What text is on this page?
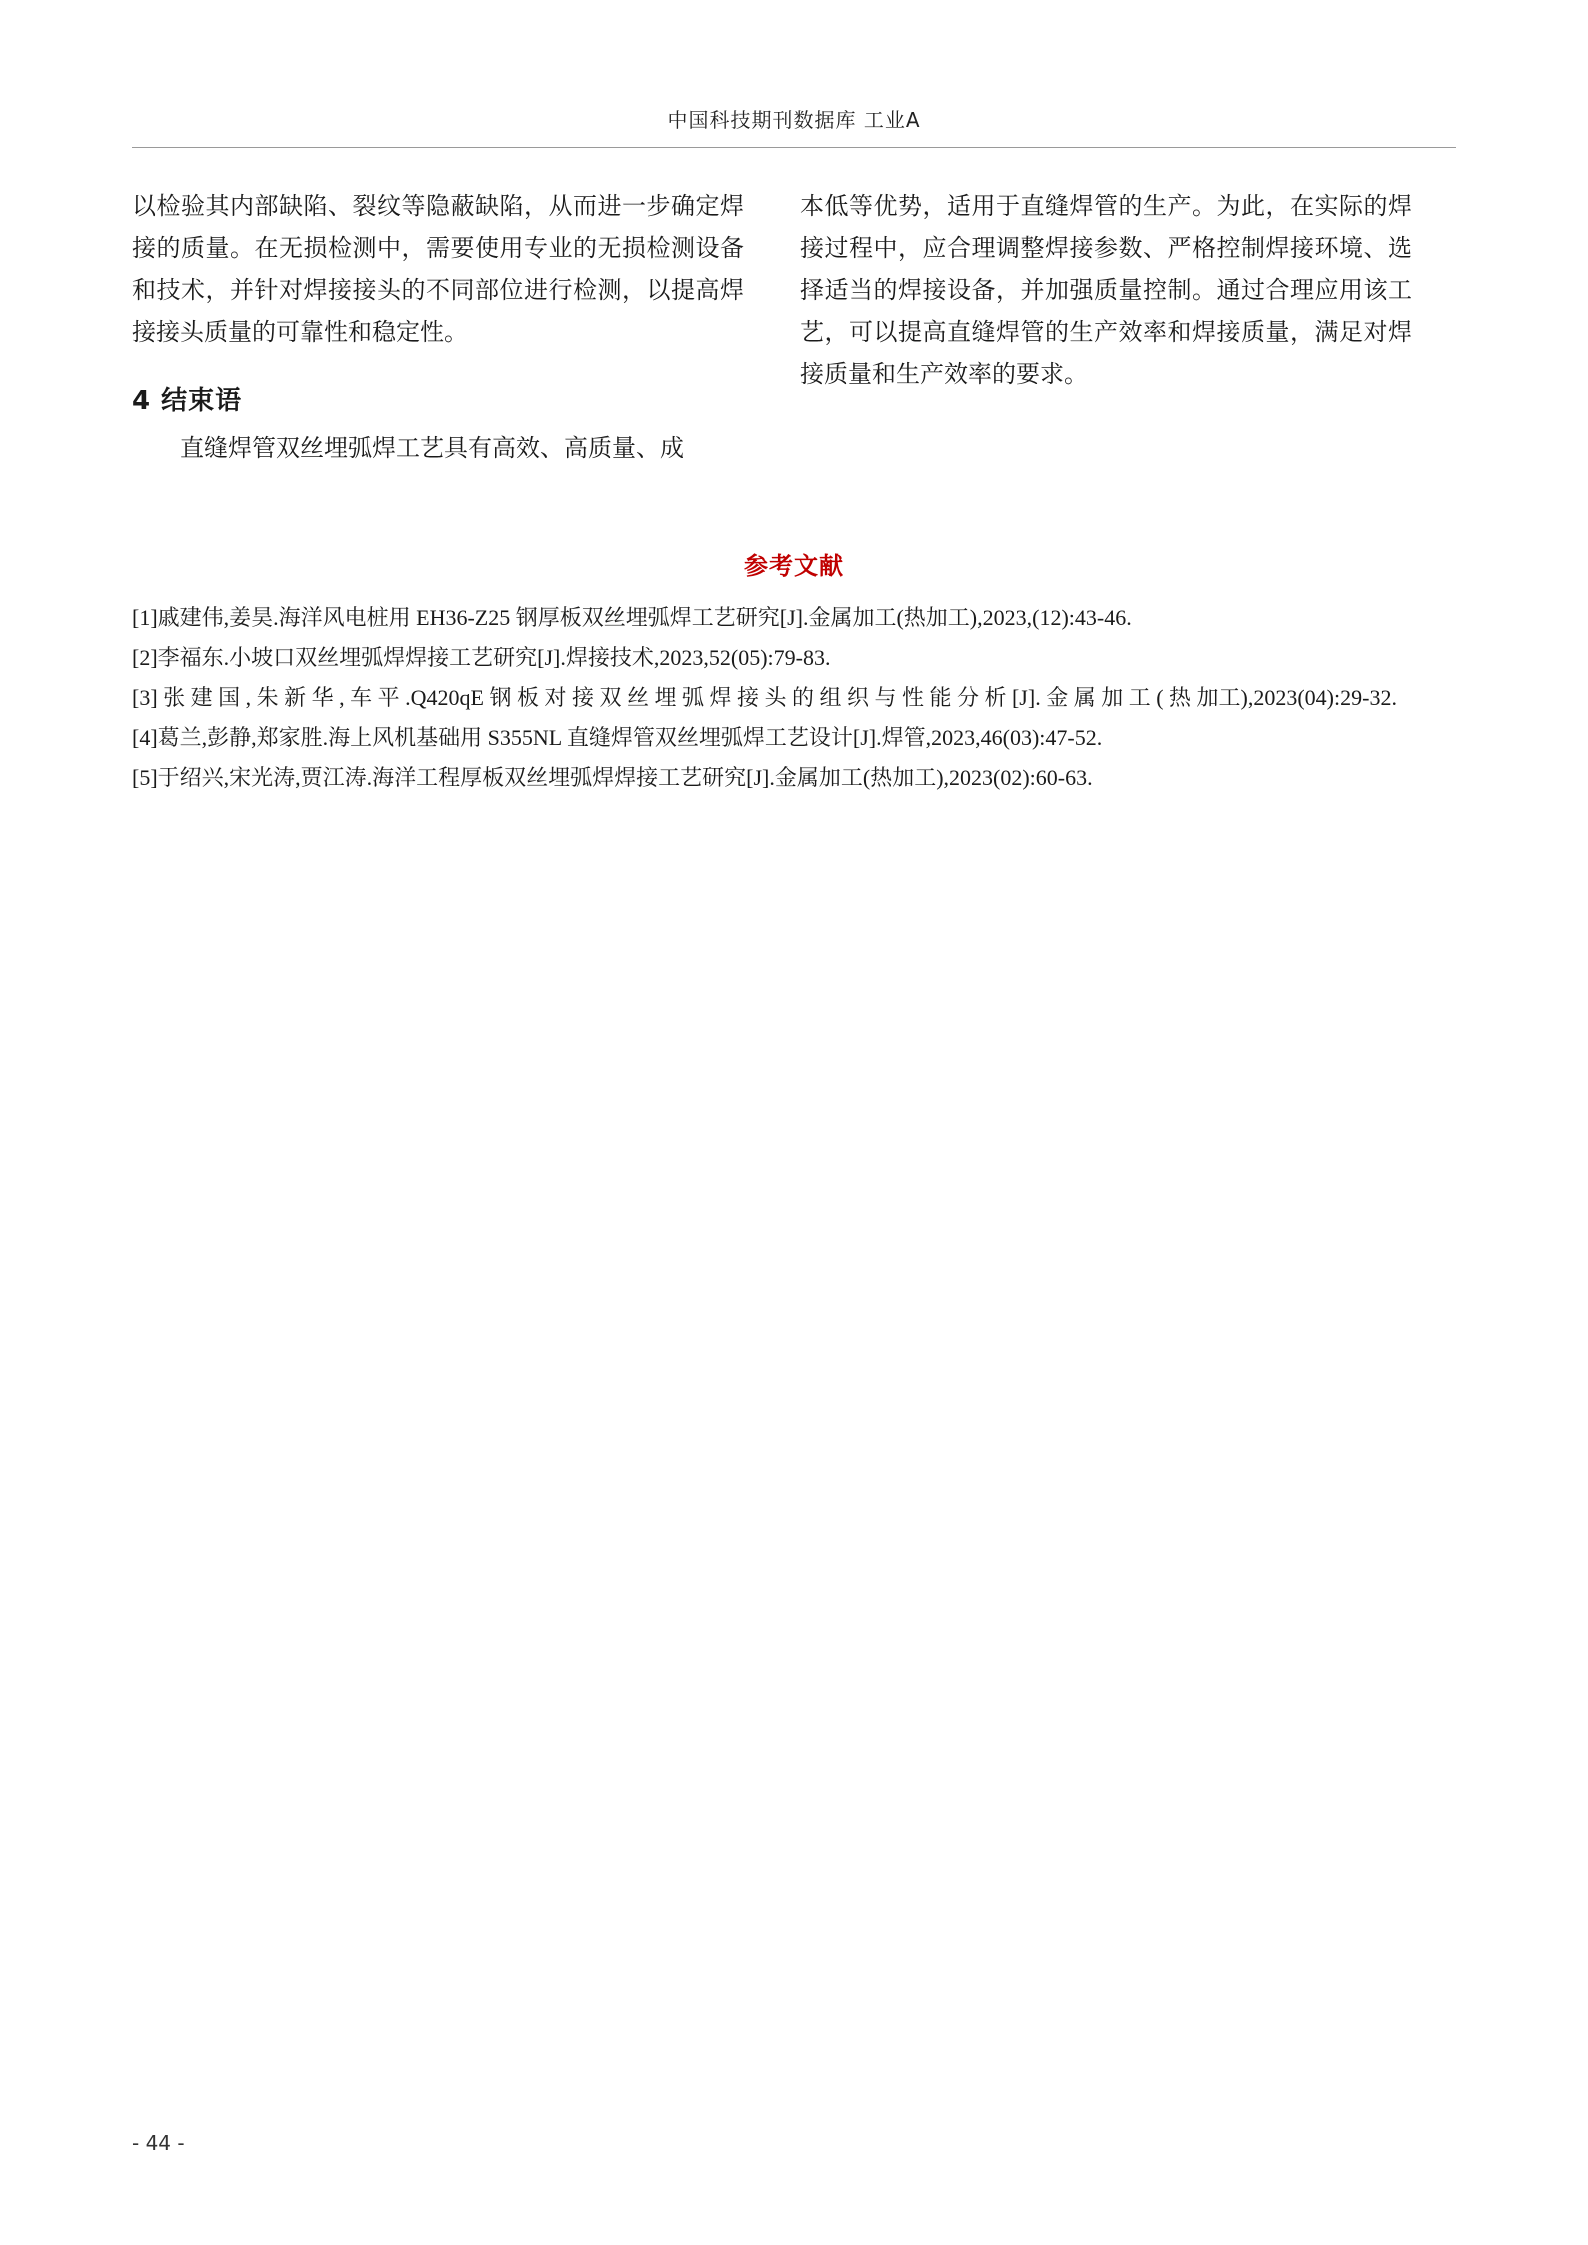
中国科技期刊数据库 工业A

以检验其内部缺陷、裂纹等隐蔽缺陷，从而进一步确定焊接的质量。在无损检测中，需要使用专业的无损检测设备和技术，并针对焊接接头的不同部位进行检测，以提高焊接接头质量的可靠性和稳定性。

4 结束语

直缝焊管双丝埋弧焊工艺具有高效、高质量、成

本低等优势，适用于直缝焊管的生产。为此，在实际的焊接过程中，应合理调整焊接参数、严格控制焊接环境、选择适当的焊接设备，并加强质量控制。通过合理应用该工艺，可以提高直缝焊管的生产效率和焊接质量，满足对焊接质量和生产效率的要求。

参考文献

[1]戚建伟,姜昊.海洋风电桩用 EH36-Z25 钢厚板双丝埋弧焊工艺研究[J].金属加工(热加工),2023,(12):43-46.

[2]李福东.小坡口双丝埋弧焊焊接工艺研究[J].焊接技术,2023,52(05):79-83.

[3] 张 建 国 , 朱 新 华 , 车 平 .Q420qE 钢 板 对 接 双 丝 埋 弧 焊 接 头 的 组 织 与 性 能 分 析 [J]. 金 属 加 工 ( 热 加工),2023(04):29-32.

[4]葛兰,彭静,郑家胜.海上风机基础用 S355NL 直缝焊管双丝埋弧焊工艺设计[J].焊管,2023,46(03):47-52.

[5]于绍兴,宋光涛,贾江涛.海洋工程厚板双丝埋弧焊焊接工艺研究[J].金属加工(热加工),2023(02):60-63.

- 44 -
